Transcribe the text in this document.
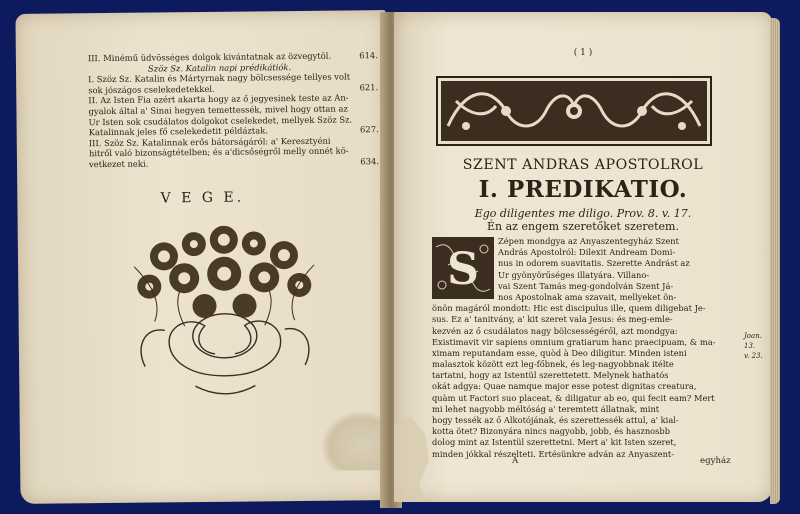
614.
III. Minémű üdvösséges dolgok kivántatnak az özvegytöl.
Szöz Sz. Katalin napi prédikátiók.
I. Szöz Sz. Katalin és Mártyrnak nagy bölcsessége tellyes volt
621.
sok jószágos cselekedetekkel.
II. Az Isten Fia azért akarta hogy az ő jegyesinek teste az An-
gyalok által a' Sinai hegyen temettessék, mivel hogy ottan az
Ur Isten sok csudálatos dolgokot cselekedet, mellyek Szöz Sz.
627.
Katalinnak jeles fő cselekedetit példáztak.
III. Szöz Sz. Katalinnak erős bátorságáról: a' Keresztyéni
hitről való bizonságtételben; és a'dicsőségről melly onnét kö-
634.
vetkezet neki.
V E G E.
( 1 )
SZENT ANDRAS APOSTOLROL
I. PREDIKATIO.
Ego diligentes me diligo. Prov. 8. v. 17.
Én az engem szeretőket szeretem.
Zépen mondgya az Anyaszentegyház Szent
András Apostolról: Dilexit Andream Domi-
nus in odorem suavitatis. Szerette Andrást az
Ur gyönyörűséges illatyára. Villano-
vai Szent Tamás meg-gondolván Szent Já-
nos Apostolnak ama szavait, mellyeket ön-
önön magáról mondott: Hic est discipulus ille, quem diligebat Je-
sus. Ez a' tanitvány, a' kit szeret vala Jesus: és meg-emle-
kezvén az ő csudálatos nagy bölcsességéről, azt mondgya:
Existimavit vir sapiens omnium gratiarum hanc praecipuam, & ma-
ximam reputandam esse, quòd à Deo diligitur. Minden isteni
malasztok között ezt leg-főbnek, és leg-nagyobbnak itélte
tartatni, hogy az Istentül szerettetett. Melynek hathatós
okát adgya: Quae namque major esse potest dignitas creatura,
quàm ut Factori suo placeat, & diligatur ab eo, qui fecit eam? Mert
mi lehet nagyobb méltóság a' teremtett állatnak, mint
hogy tessék az ő Alkotójának, és szerettessék attul, a' kial-
kotta ötet? Bizonyára nincs nagyobb, jobb, és hasznosbb
dolog mint az Istentül szerettetni. Mert a' kit Isten szeret,
minden jókkal részelteti. Ertésünkre adván az Anyaszent-
S
Joan. 13.
v. 23.
A	egyház
